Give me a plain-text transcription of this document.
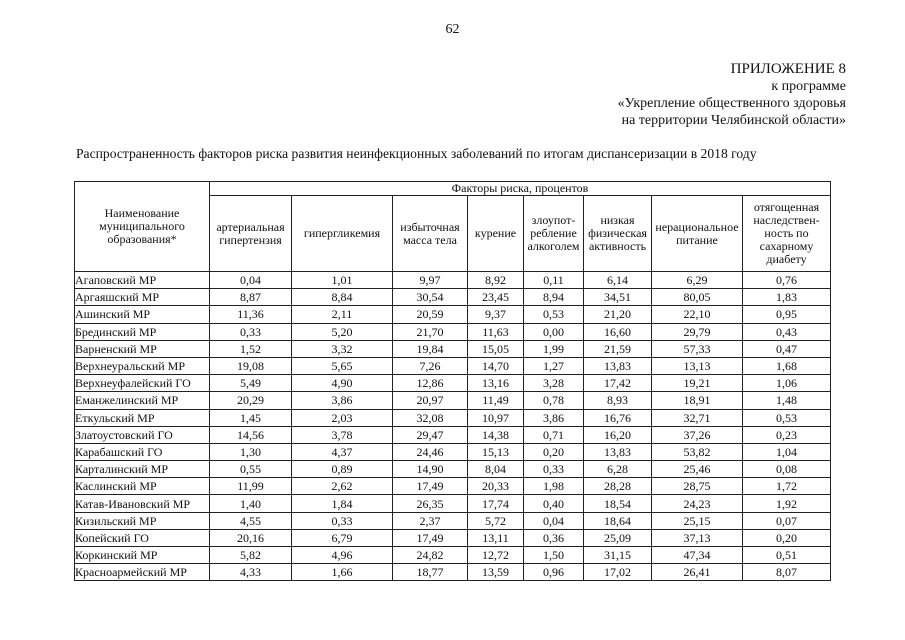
62
ПРИЛОЖЕНИЕ 8
к программе
«Укрепление общественного здоровья
на территории Челябинской области»
Распространенность факторов риска развития неинфекционных заболеваний по итогам диспансеризации в 2018 году
Наименование муниципального образования*	Факторы риска, процентов							
	артериальная гипертензия	гипергликемия	избыточная масса тела	курение	злоупотребление алкоголем	низкая физическая активность	нерациональное питание	отягощенная наследственность по сахарному диабету
Агаповский МР	0,04	1,01	9,97	8,92	0,11	6,14	6,29	0,76
Аргаяшский МР	8,87	8,84	30,54	23,45	8,94	34,51	80,05	1,83
Ашинский МР	11,36	2,11	20,59	9,37	0,53	21,20	22,10	0,95
Брединский МР	0,33	5,20	21,70	11,63	0,00	16,60	29,79	0,43
Варненский МР	1,52	3,32	19,84	15,05	1,99	21,59	57,33	0,47
Верхнеуральский МР	19,08	5,65	7,26	14,70	1,27	13,83	13,13	1,68
Верхнеуфалейский ГО	5,49	4,90	12,86	13,16	3,28	17,42	19,21	1,06
Еманжелинский МР	20,29	3,86	20,97	11,49	0,78	8,93	18,91	1,48
Еткульский МР	1,45	2,03	32,08	10,97	3,86	16,76	32,71	0,53
Златоустовский ГО	14,56	3,78	29,47	14,38	0,71	16,20	37,26	0,23
Карабашский ГО	1,30	4,37	24,46	15,13	0,20	13,83	53,82	1,04
Карталинский МР	0,55	0,89	14,90	8,04	0,33	6,28	25,46	0,08
Каслинский МР	11,99	2,62	17,49	20,33	1,98	28,28	28,75	1,72
Катав-Ивановский МР	1,40	1,84	26,35	17,74	0,40	18,54	24,23	1,92
Кизильский МР	4,55	0,33	2,37	5,72	0,04	18,64	25,15	0,07
Копейский ГО	20,16	6,79	17,49	13,11	0,36	25,09	37,13	0,20
Коркинский МР	5,82	4,96	24,82	12,72	1,50	31,15	47,34	0,51
Красноармейский МР	4,33	1,66	18,77	13,59	0,96	17,02	26,41	8,07
